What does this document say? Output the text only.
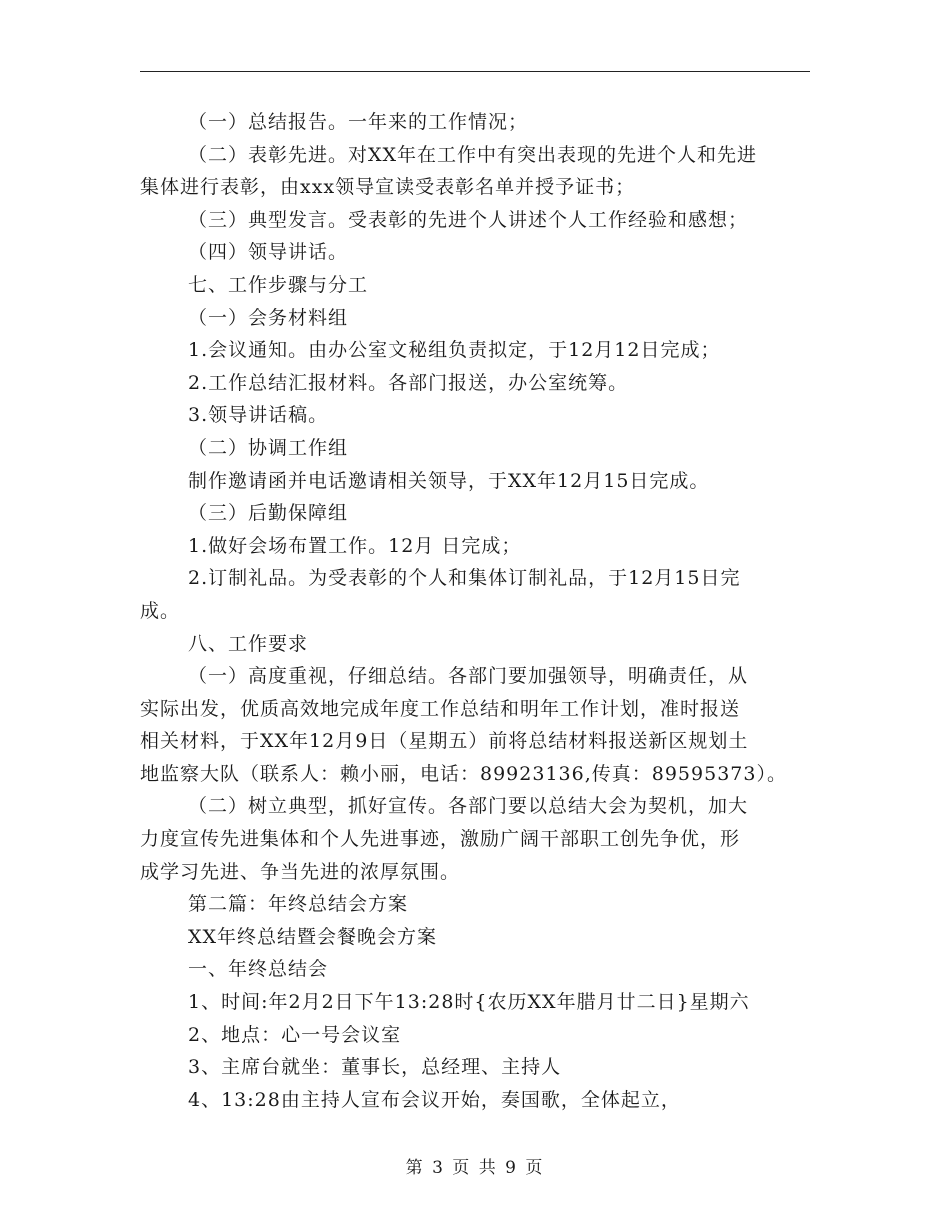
（一）总结报告。一年来的工作情况；
（二）表彰先进。对XX年在工作中有突出表现的先进个人和先进
集体进行表彰，由xxx领导宣读受表彰名单并授予证书；
（三）典型发言。受表彰的先进个人讲述个人工作经验和感想；
（四）领导讲话。
七、工作步骤与分工
（一）会务材料组
1.会议通知。由办公室文秘组负责拟定，于12月12日完成；
2.工作总结汇报材料。各部门报送，办公室统筹。
3.领导讲话稿。
（二）协调工作组
制作邀请函并电话邀请相关领导，于XX年12月15日完成。
（三）后勤保障组
1.做好会场布置工作。12月 日完成；
2.订制礼品。为受表彰的个人和集体订制礼品，于12月15日完
成。
八、工作要求
（一）高度重视，仔细总结。各部门要加强领导，明确责任，从
实际出发，优质高效地完成年度工作总结和明年工作计划，准时报送
相关材料，于XX年12月9日（星期五）前将总结材料报送新区规划土
地监察大队（联系人：赖小丽，电话：89923136,传真：89595373）。
（二）树立典型，抓好宣传。各部门要以总结大会为契机，加大
力度宣传先进集体和个人先进事迹，激励广阔干部职工创先争优，形
成学习先进、争当先进的浓厚氛围。
第二篇：年终总结会方案
XX年终总结暨会餐晚会方案
一、年终总结会
1、时间:年2月2日下午13:28时{农历XX年腊月廿二日}星期六
2、地点：心一号会议室
3、主席台就坐：董事长，总经理、主持人
4、13:28由主持人宣布会议开始，奏国歌，全体起立，
第 3 页 共 9 页
